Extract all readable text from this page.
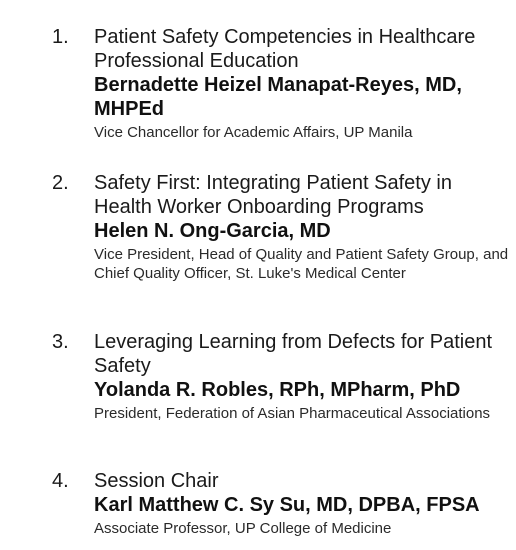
1. Patient Safety Competencies in Healthcare Professional Education

Bernadette Heizel Manapat-Reyes, MD, MHPEd

Vice Chancellor for Academic Affairs, UP Manila

2. Safety First: Integrating Patient Safety in Health Worker Onboarding Programs

Helen N. Ong-Garcia, MD

Vice President, Head of Quality and Patient Safety Group, and Chief Quality Officer, St. Luke's Medical Center

3. Leveraging Learning from Defects for Patient Safety

Yolanda R. Robles, RPh, MPharm, PhD

President, Federation of Asian Pharmaceutical Associations

4. Session Chair

Karl Matthew C. Sy Su, MD, DPBA, FPSA

Associate Professor, UP College of Medicine
